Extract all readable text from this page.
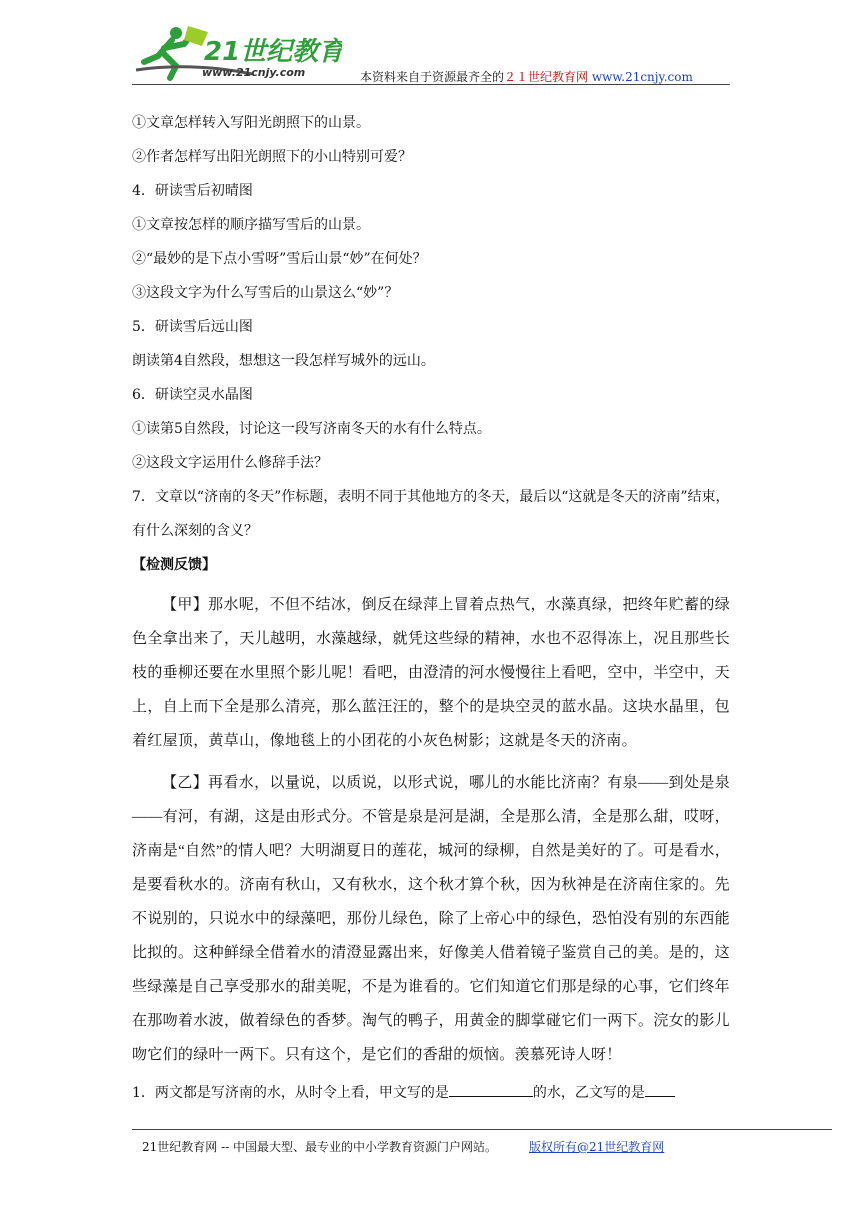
21世纪教育
www.21cnjy.com	本资料来自于资源最齐全的２１世纪教育网 www.21cnjy.com
①文章怎样转入写阳光朗照下的山景。
②作者怎样写出阳光朗照下的小山特别可爱？
4．研读雪后初晴图
①文章按怎样的顺序描写雪后的山景。
②“最妙的是下点小雪呀”雪后山景“妙”在何处？
③这段文字为什么写雪后的山景这么“妙”？
5．研读雪后远山图
朗读第4自然段，想想这一段怎样写城外的远山。
6．研读空灵水晶图
①读第5自然段，讨论这一段写济南冬天的水有什么特点。
②这段文字运用什么修辞手法？
7．文章以“济南的冬天”作标题，表明不同于其他地方的冬天，最后以“这就是冬天的济南”结束，有什么深刻的含义？
【检测反馈】
【甲】那水呢，不但不结冰，倒反在绿萍上冒着点热气，水藻真绿，把终年贮蓄的绿色全拿出来了，天儿越明，水藻越绿，就凭这些绿的精神，水也不忍得冻上，况且那些长枝的垂柳还要在水里照个影儿呢！看吧，由澄清的河水慢慢往上看吧，空中，半空中，天上，自上而下全是那么清亮，那么蓝汪汪的，整个的是块空灵的蓝水晶。这块水晶里，包着红屋顶，黄草山，像地毯上的小团花的小灰色树影；这就是冬天的济南。
【乙】再看水，以量说，以质说，以形式说，哪儿的水能比济南？有泉——到处是泉——有河，有湖，这是由形式分。不管是泉是河是湖，全是那么清，全是那么甜，哎呀，济南是“自然”的情人吧？大明湖夏日的莲花，城河的绿柳，自然是美好的了。可是看水，是要看秋水的。济南有秋山，又有秋水，这个秋才算个秋，因为秋神是在济南住家的。先不说别的，只说水中的绿藻吧，那份儿绿色，除了上帝心中的绿色，恐怕没有别的东西能比拟的。这种鲜绿全借着水的清澄显露出来，好像美人借着镜子鉴赏自己的美。是的，这些绿藻是自己享受那水的甜美呢，不是为谁看的。它们知道它们那是绿的心事，它们终年在那吻着水波，做着绿色的香梦。淘气的鸭子，用黄金的脚掌碰它们一两下。浣女的影儿吻它们的绿叶一两下。只有这个，是它们的香甜的烦恼。羡慕死诗人呀！
1．两文都是写济南的水，从时令上看，甲文写的是	的水，乙文写的是
21世纪教育网 -- 中国最大型、最专业的中小学教育资源门户网站。	版权所有@21世纪教育网
